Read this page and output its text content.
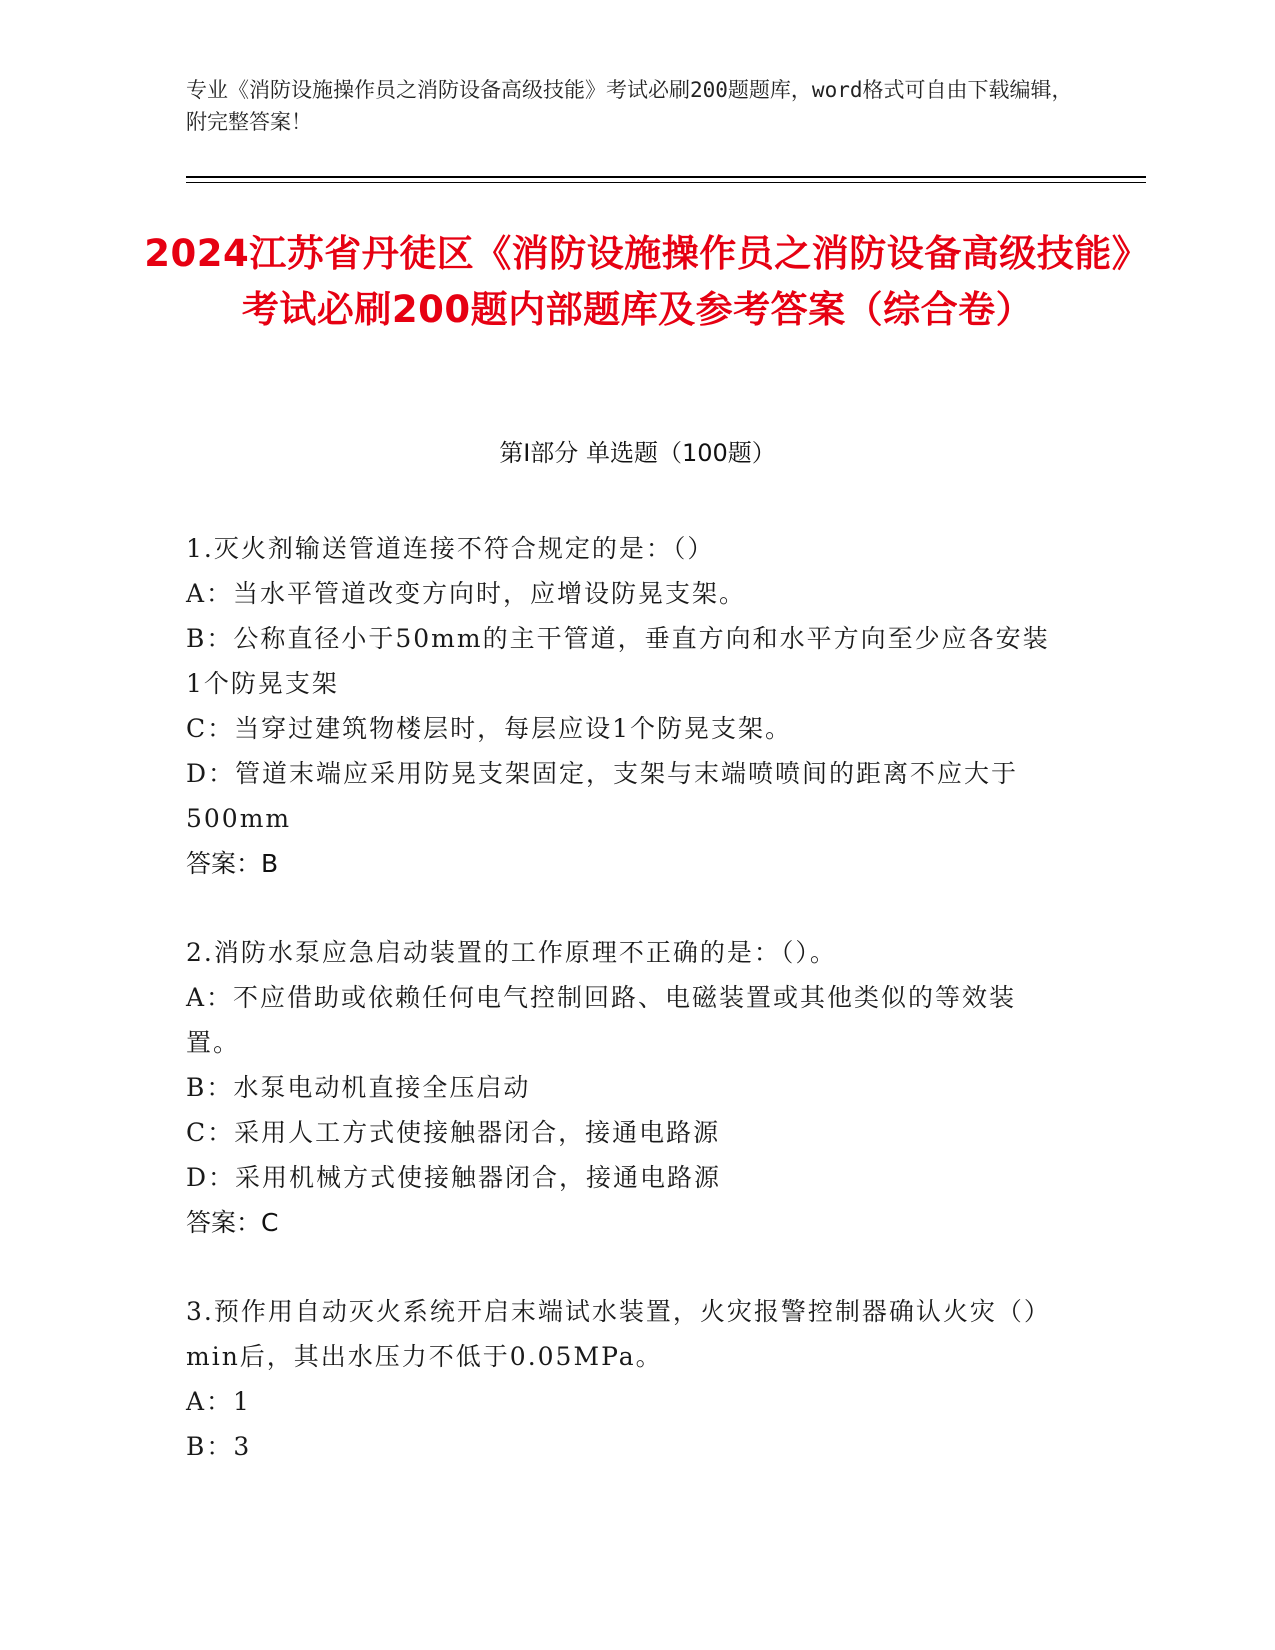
专业《消防设施操作员之消防设备高级技能》考试必刷200题题库，word格式可自由下载编辑，附完整答案！
2024江苏省丹徒区《消防设施操作员之消防设备高级技能》考试必刷200题内部题库及参考答案（综合卷）
第Ⅰ部分 单选题（100题）
1.灭火剂输送管道连接不符合规定的是：（）
A：当水平管道改变方向时，应增设防晃支架。
B：公称直径小于50mm的主干管道，垂直方向和水平方向至少应各安装1个防晃支架
C：当穿过建筑物楼层时，每层应设1个防晃支架。
D：管道末端应采用防晃支架固定，支架与末端喷喷间的距离不应大于500mm
答案：B
2.消防水泵应急启动装置的工作原理不正确的是：（）。
A：不应借助或依赖任何电气控制回路、电磁装置或其他类似的等效装置。
B：水泵电动机直接全压启动
C：采用人工方式使接触器闭合，接通电路源
D：采用机械方式使接触器闭合，接通电路源
答案：C
3.预作用自动灭火系统开启末端试水装置，火灾报警控制器确认火灾（）min后，其出水压力不低于0.05MPa。
A：1
B：3
